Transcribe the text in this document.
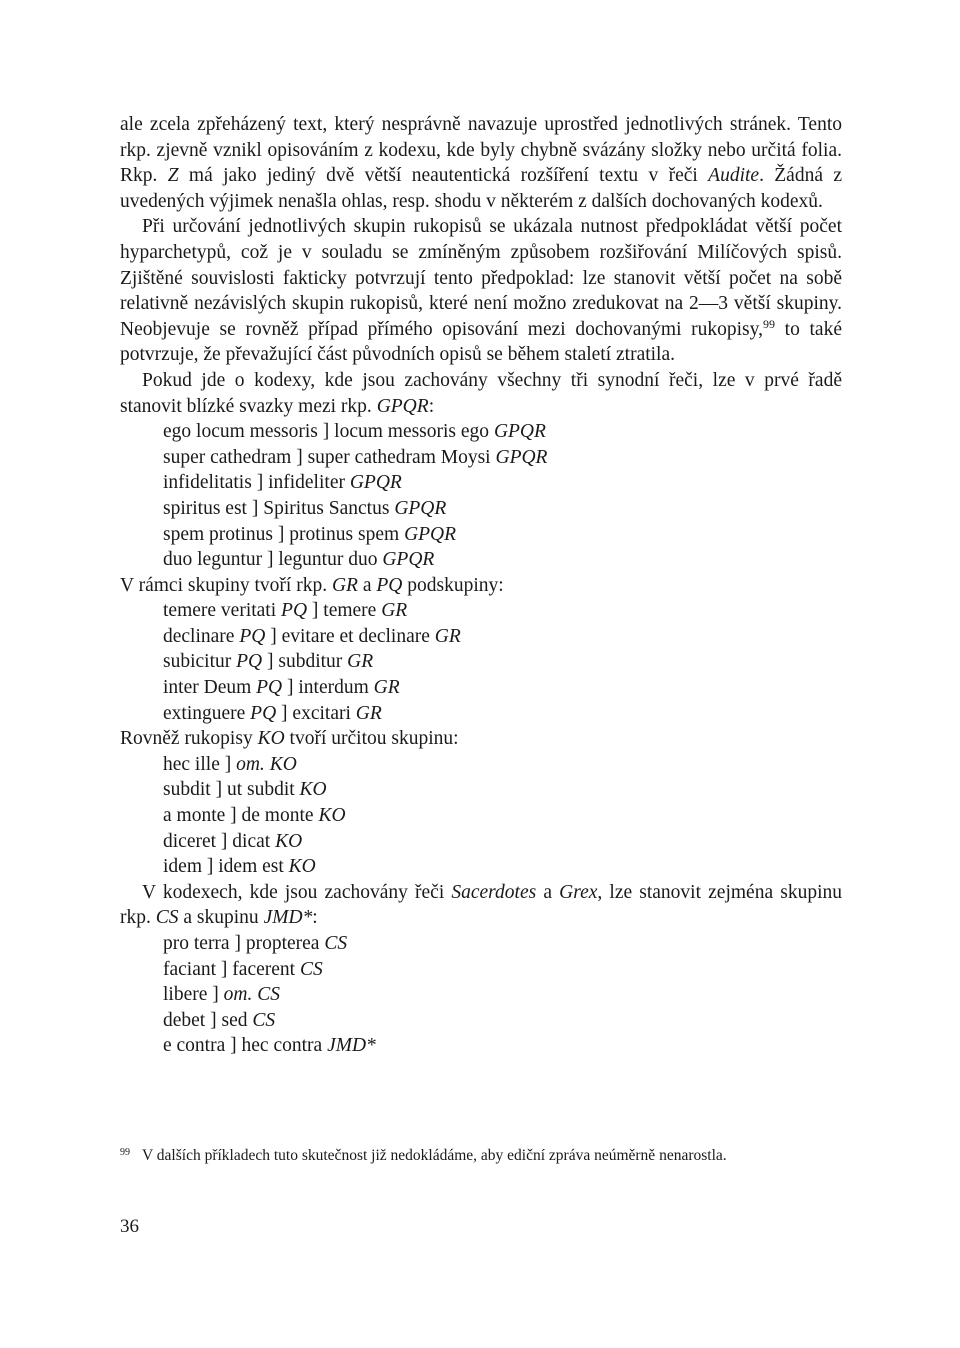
ale zcela zpřeházený text, který nesprávně navazuje uprostřed jednotlivých stránek. Tento rkp. zjevně vznikl opisováním z kodexu, kde byly chybně svázány složky nebo určitá folia. Rkp. Z má jako jediný dvě větší neautentická rozšíření textu v řeči Audite. Žádná z uvedených výjimek nenašla ohlas, resp. shodu v některém z dalších dochovaných kodexů.

Při určování jednotlivých skupin rukopisů se ukázala nutnost předpokládat větší počet hyparchetypů, což je v souladu se zmíněným způsobem rozšiřování Milíčových spisů. Zjištěné souvislosti fakticky potvrzují tento předpoklad: lze stanovit větší počet na sobě relativně nezávislých skupin rukopisů, které není možno zredukovat na 2—3 větší skupiny. Neobjevuje se rovněž případ přímého opisování mezi dochovanými rukopisy,$^{99}$ to také potvrzuje, že převažující část původních opisů se během staletí ztratila.

Pokud jde o kodexy, kde jsou zachovány všechny tři synodní řeči, lze v prvé řadě stanovit blízké svazky mezi rkp. GPQR:

ego locum messoris ] locum messoris ego GPQR
super cathedram ] super cathedram Moysi GPQR
infidelitatis ] infideliter GPQR
spiritus est ] Spiritus Sanctus GPQR
spem protinus ] protinus spem GPQR
duo leguntur ] leguntur duo GPQR

V rámci skupiny tvoří rkp. GR a PQ podskupiny:

temere veritati PQ ] temere GR
declinare PQ ] evitare et declinare GR
subicitur PQ ] subditur GR
inter Deum PQ ] interdum GR
extinguere PQ ] excitari GR

Rovněž rukopisy KO tvoří určitou skupinu:

hec ille ] om. KO
subdit ] ut subdit KO
a monte ] de monte KO
diceret ] dicat KO
idem ] idem est KO

V kodexech, kde jsou zachovány řeči Sacerdotes a Grex, lze stanovit zejména skupinu rkp. CS a skupinu JMD*:

pro terra ] propterea CS
faciant ] facerent CS
libere ] om. CS
debet ] sed CS
e contra ] hec contra JMD*
$^{99}$ V dalších příkladech tuto skutečnost již nedokládáme, aby ediční zpráva neúměrně nenarostla.
36
